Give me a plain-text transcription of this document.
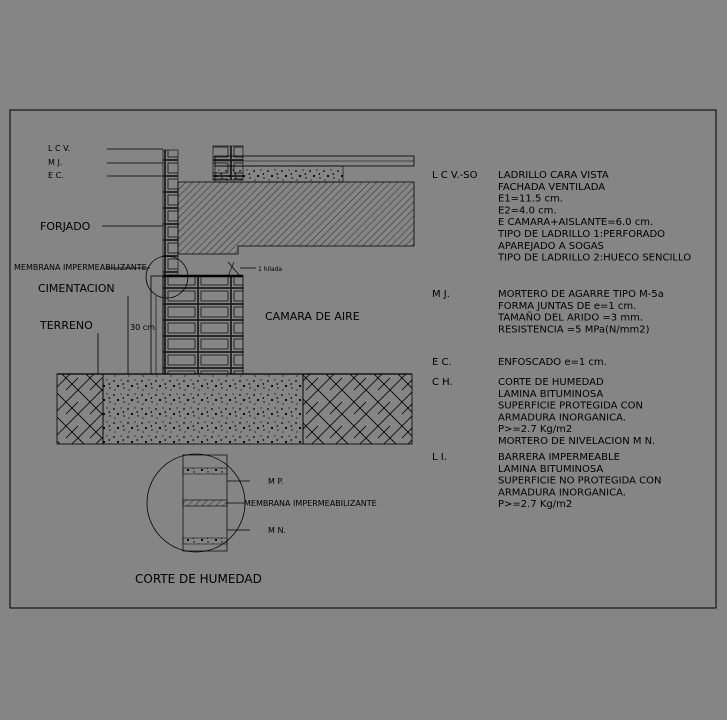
L C V.
M J.
E C.
FORJADO
MEMBRANA IMPERMEABILIZANTE
CIMENTACION
TERRENO	30 cm.
1 hilada
CAMARA DE AIRE
M P.
MEMBRANA IMPERMEABILIZANTE
M N.
CORTE DE HUMEDAD
L C V.-SO LADRILLO CARA VISTA
FACHADA VENTILADA
E1=11.5 cm.
E2=4.0 cm.
E CAMARA+AISLANTE=6.0 cm.
TIPO DE LADRILLO 1:PERFORADO
APAREJADO A SOGAS
TIPO DE LADRILLO 2:HUECO SENCILLO
M J.	MORTERO DE AGARRE TIPO M-5a
FORMA JUNTAS DE e=1 cm.
TAMAÑO DEL ARIDO =3 mm.
RESISTENCIA =5 MPa(N/mm2)
E C.	ENFOSCADO e=1 cm.
C H.	CORTE DE HUMEDAD
LAMINA BITUMINOSA
SUPERFICIE PROTEGIDA CON
ARMADURA INORGANICA.
P>=2.7 Kg/m2
MORTERO DE NIVELACION M N.
L I.	BARRERA IMPERMEABLE
LAMINA BITUMINOSA
SUPERFICIE NO PROTEGIDA CON
ARMADURA INORGANICA.
P>=2.7 Kg/m2
